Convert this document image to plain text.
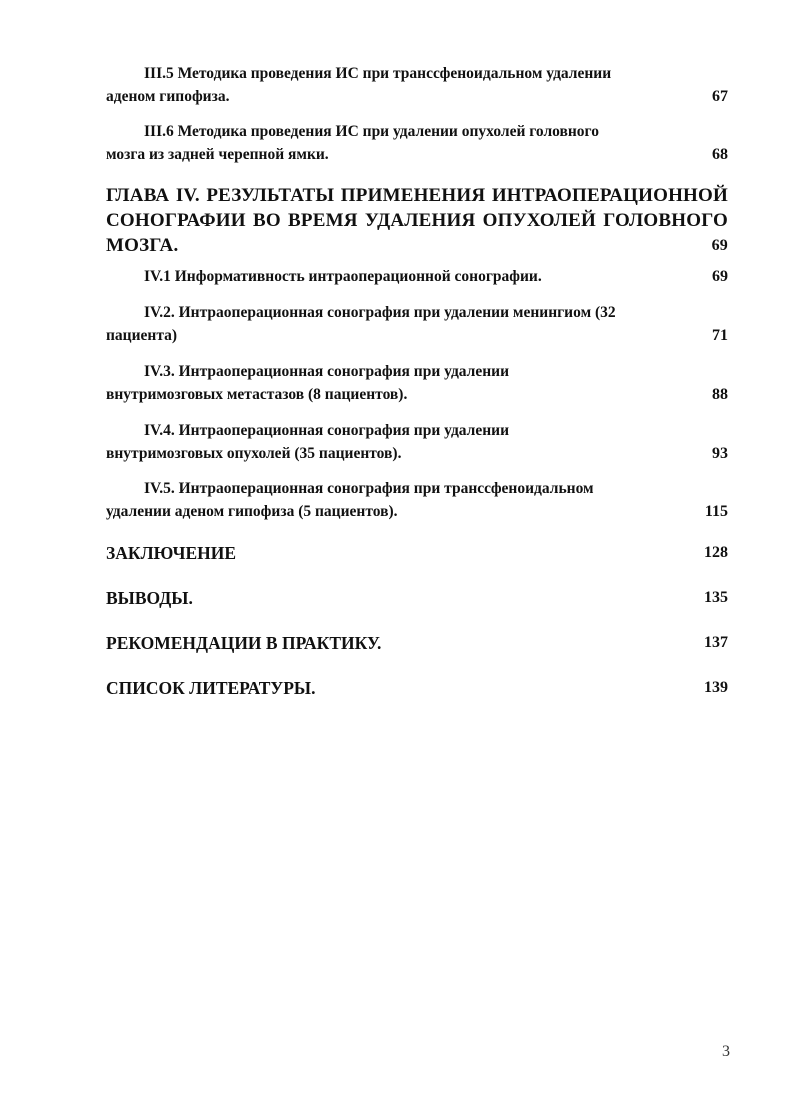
III.5 Методика проведения ИС при транссфеноидальном удалении
аденом гипофиза.	67
III.6 Методика проведения ИС при удалении опухолей головного
мозга из задней черепной ямки.	68
ГЛАВА IV. РЕЗУЛЬТАТЫ ПРИМЕНЕНИЯ ИНТРАОПЕРАЦИОННОЙ
СОНОГРАФИИ ВО ВРЕМЯ УДАЛЕНИЯ ОПУХОЛЕЙ ГОЛОВНОГО
МОЗГА.	69
IV.1 Информативность интраоперационной сонографии.	69
IV.2. Интраоперационная сонография при удалении менингиом (32
пациента)	71
IV.3. Интраоперационная сонография при удалении
внутримозговых метастазов (8 пациентов).	88
IV.4. Интраоперационная сонография при удалении
внутримозговых опухолей (35 пациентов).	93
IV.5. Интраоперационная сонография при транссфеноидальном
удалении аденом гипофиза (5 пациентов).	115
ЗАКЛЮЧЕНИЕ	128
ВЫВОДЫ.	135
РЕКОМЕНДАЦИИ В ПРАКТИКУ.	137
СПИСОК ЛИТЕРАТУРЫ.	139
3
